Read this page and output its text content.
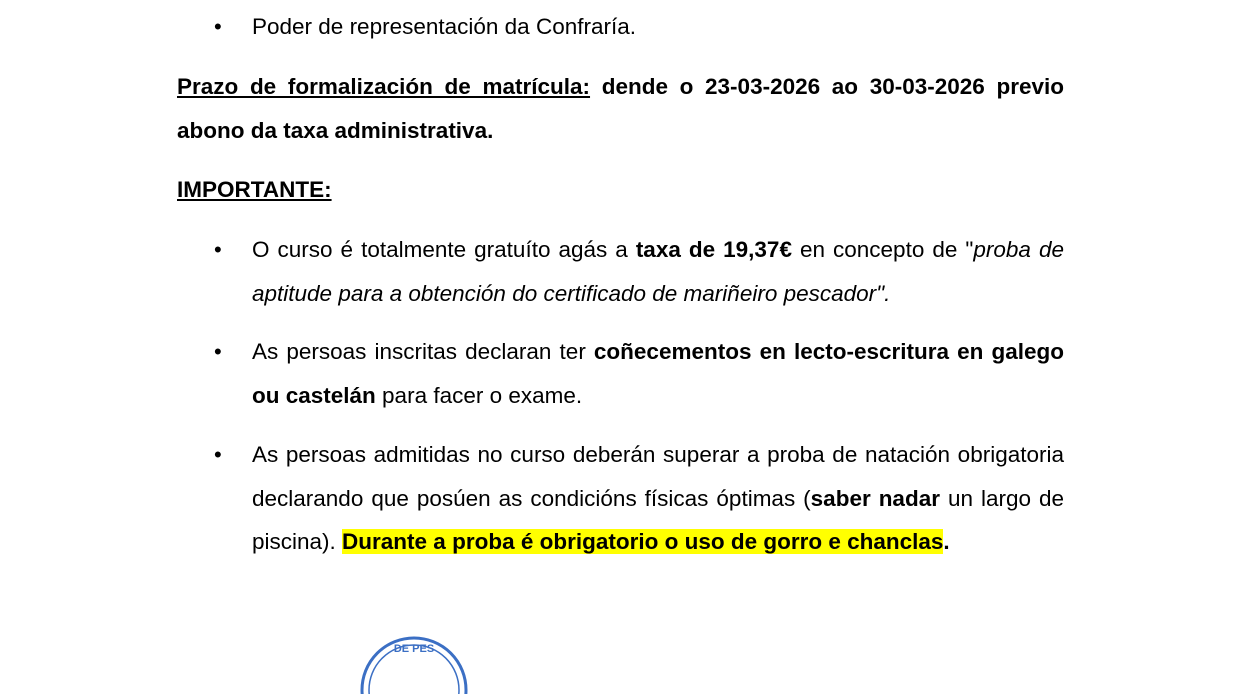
• Poder de representación da Confraría.

Prazo de formalización de matrícula: dende o 23-03-2026 ao 30-03-2026 previo abono da taxa administrativa.

IMPORTANTE:

• O curso é totalmente gratuíto agás a taxa de 19,37€ en concepto de "proba de aptitude para a obtención do certificado de mariñeiro pescador".
• As persoas inscritas declaran ter coñecementos en lecto-escritura en galego ou castelán para facer o exame.
• As persoas admitidas no curso deberán superar a proba de natación obrigatoria declarando que posúen as condicións físicas óptimas (saber nadar un largo de piscina). Durante a proba é obrigatorio o uso de gorro e chanclas.
DE PES
